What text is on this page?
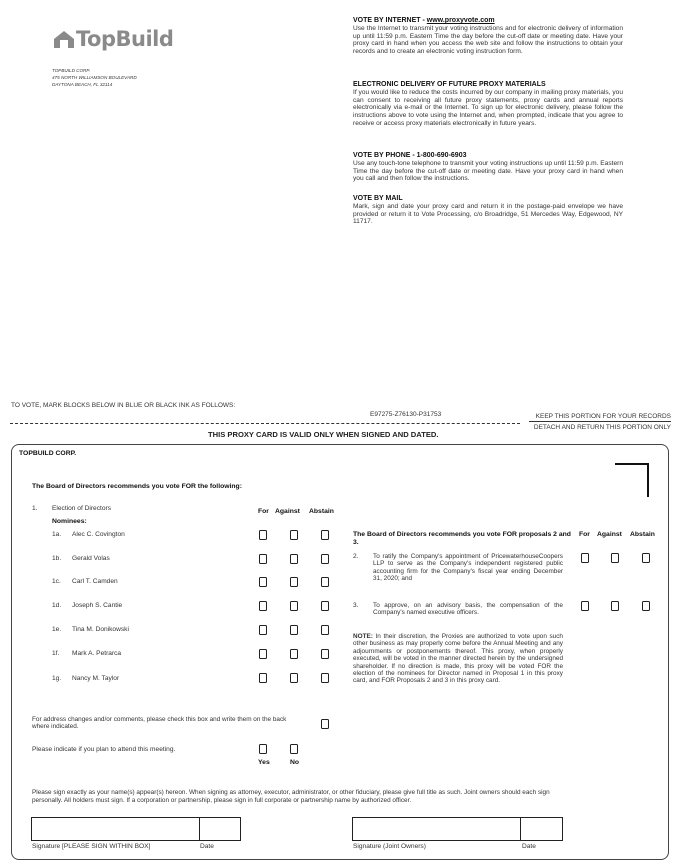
TopBuild
TOPBUILD CORP.
475 NORTH WILLIAMSON BOULEVARD
DAYTONA BEACH, FL 32114
VOTE BY INTERNET - www.proxyvote.com

Use the Internet to transmit your voting instructions and for electronic delivery of information up until 11:59 p.m. Eastern Time the day before the cut-off date or meeting date. Have your proxy card in hand when you access the web site and follow the instructions to obtain your records and to create an electronic voting instruction form.

ELECTRONIC DELIVERY OF FUTURE PROXY MATERIALS

If you would like to reduce the costs incurred by our company in mailing proxy materials, you can consent to receiving all future proxy statements, proxy cards and annual reports electronically via e-mail or the Internet. To sign up for electronic delivery, please follow the instructions above to vote using the Internet and, when prompted, indicate that you agree to receive or access proxy materials electronically in future years.

VOTE BY PHONE - 1-800-690-6903

Use any touch-tone telephone to transmit your voting instructions up until 11:59 p.m. Eastern Time the day before the cut-off date or meeting date. Have your proxy card in hand when you call and then follow the instructions.

VOTE BY MAIL

Mark, sign and date your proxy card and return it in the postage-paid envelope we have provided or return it to Vote Processing, c/o Broadridge, 51 Mercedes Way, Edgewood, NY 11717.

TO VOTE, MARK BLOCKS BELOW IN BLUE OR BLACK INK AS FOLLOWS:
E97275-Z76130-P31753	KEEP THIS PORTION FOR YOUR RECORDS
DETACH AND RETURN THIS PORTION ONLY
THIS PROXY CARD IS VALID ONLY WHEN SIGNED AND DATED.
TOPBUILD CORP.
The Board of Directors recommends you vote FOR the following:
1. Election of Directors
Nominees:
For Against Abstain
1a. Alec C. Covington
1b. Gerald Volas
1c. Carl T. Camden
1d. Joseph S. Cantie
1e. Tina M. Donikowski
1f. Mark A. Petrarca
1g. Nancy M. Taylor
The Board of Directors recommends you vote FOR proposals 2 and 3.
For Against Abstain
2. To ratify the Company's appointment of PricewaterhouseCoopers LLP to serve as the Company's independent registered public accounting firm for the Company's fiscal year ending December 31, 2020; and
3. To approve, on an advisory basis, the compensation of the Company's named executive officers.
NOTE: In their discretion, the Proxies are authorized to vote upon such other business as may properly come before the Annual Meeting and any adjournments or postponements thereof. This proxy, when properly executed, will be voted in the manner directed herein by the undersigned shareholder. If no direction is made, this proxy will be voted FOR the election of the nominees for Director named in Proposal 1 in this proxy card, and FOR Proposals 2 and 3 in this proxy card.
For address changes and/or comments, please check this box and write them on the back where indicated.
Please indicate if you plan to attend this meeting.
Yes	No
Please sign exactly as your name(s) appear(s) hereon. When signing as attorney, executor, administrator, or other fiduciary, please give full title as such. Joint owners should each sign personally. All holders must sign. If a corporation or partnership, please sign in full corporate or partnership name by authorized officer.
Signature [PLEASE SIGN WITHIN BOX]	Date	Signature (Joint Owners)	Date
